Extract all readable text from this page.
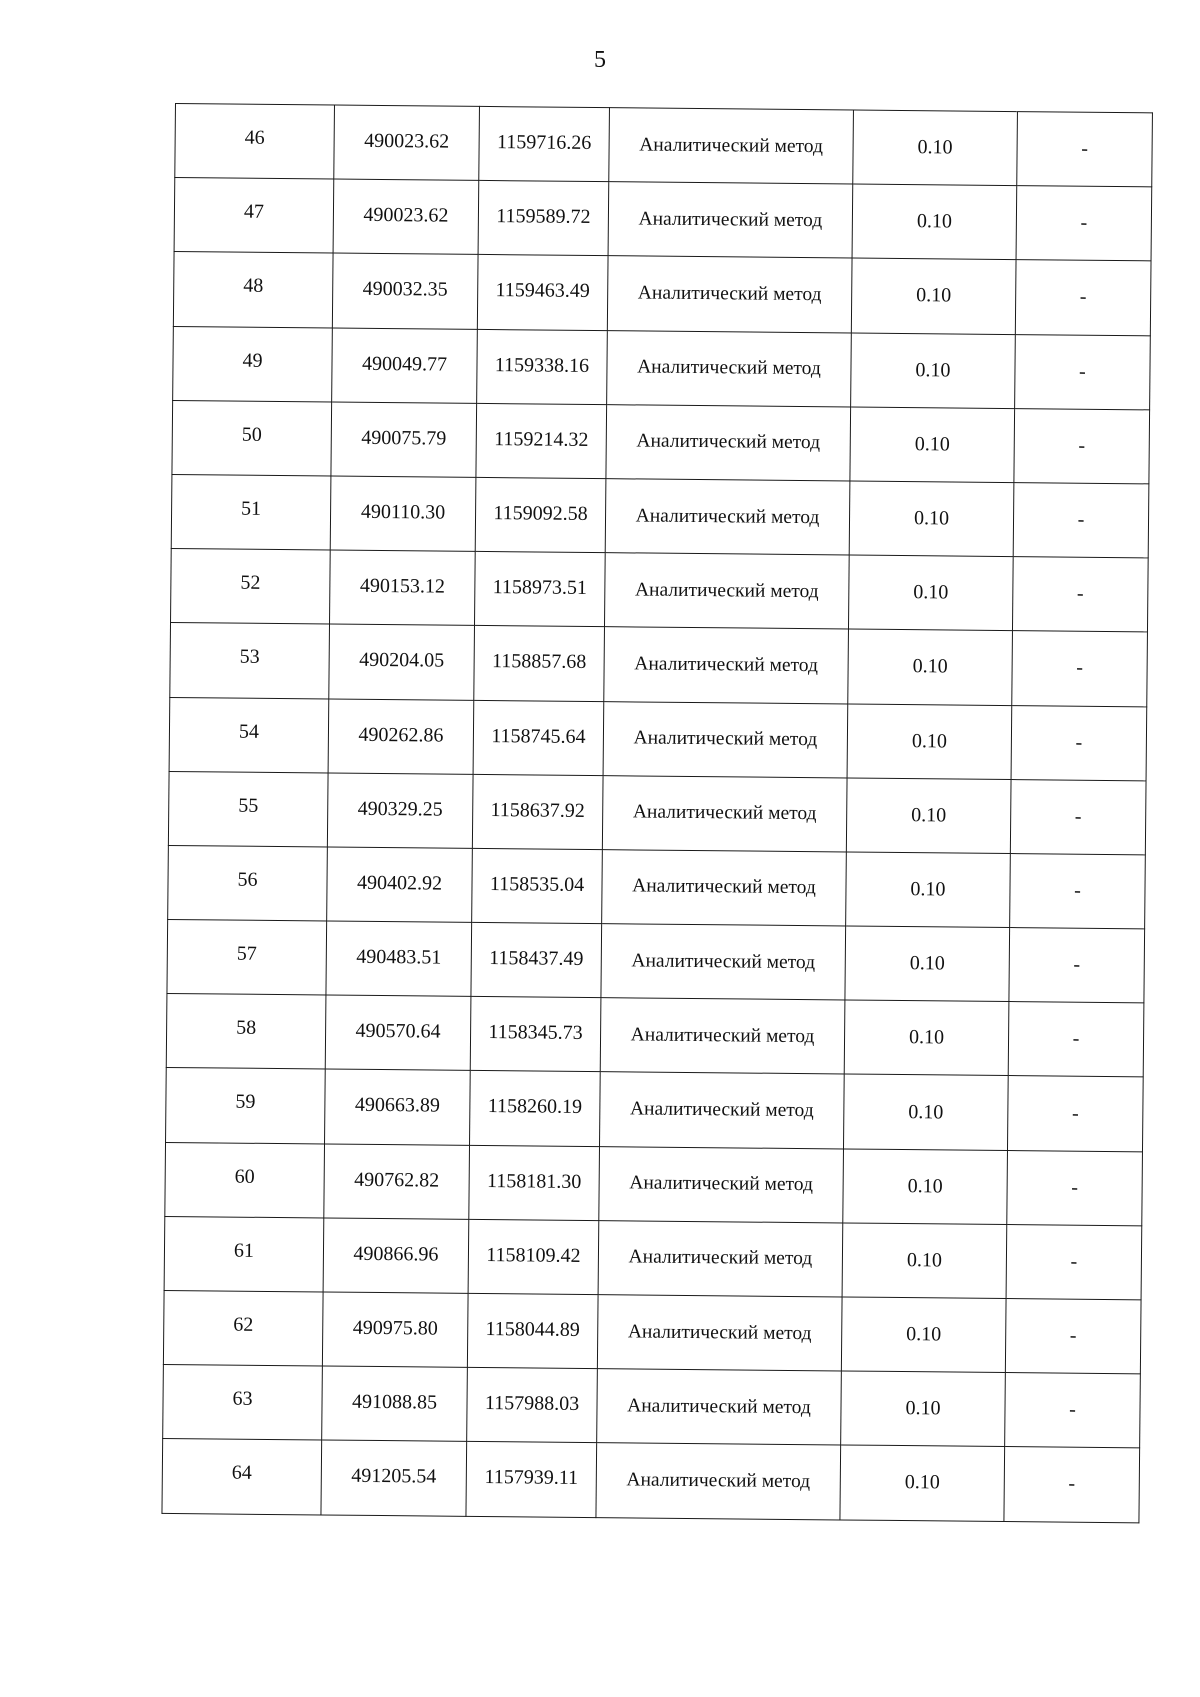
5
46	490023.62	1159716.26	Аналитический метод	0.10	-
47	490023.62	1159589.72	Аналитический метод	0.10	-
48	490032.35	1159463.49	Аналитический метод	0.10	-
49	490049.77	1159338.16	Аналитический метод	0.10	-
50	490075.79	1159214.32	Аналитический метод	0.10	-
51	490110.30	1159092.58	Аналитический метод	0.10	-
52	490153.12	1158973.51	Аналитический метод	0.10	-
53	490204.05	1158857.68	Аналитический метод	0.10	-
54	490262.86	1158745.64	Аналитический метод	0.10	-
55	490329.25	1158637.92	Аналитический метод	0.10	-
56	490402.92	1158535.04	Аналитический метод	0.10	-
57	490483.51	1158437.49	Аналитический метод	0.10	-
58	490570.64	1158345.73	Аналитический метод	0.10	-
59	490663.89	1158260.19	Аналитический метод	0.10	-
60	490762.82	1158181.30	Аналитический метод	0.10	-
61	490866.96	1158109.42	Аналитический метод	0.10	-
62	490975.80	1158044.89	Аналитический метод	0.10	-
63	491088.85	1157988.03	Аналитический метод	0.10	-
64	491205.54	1157939.11	Аналитический метод	0.10	-
